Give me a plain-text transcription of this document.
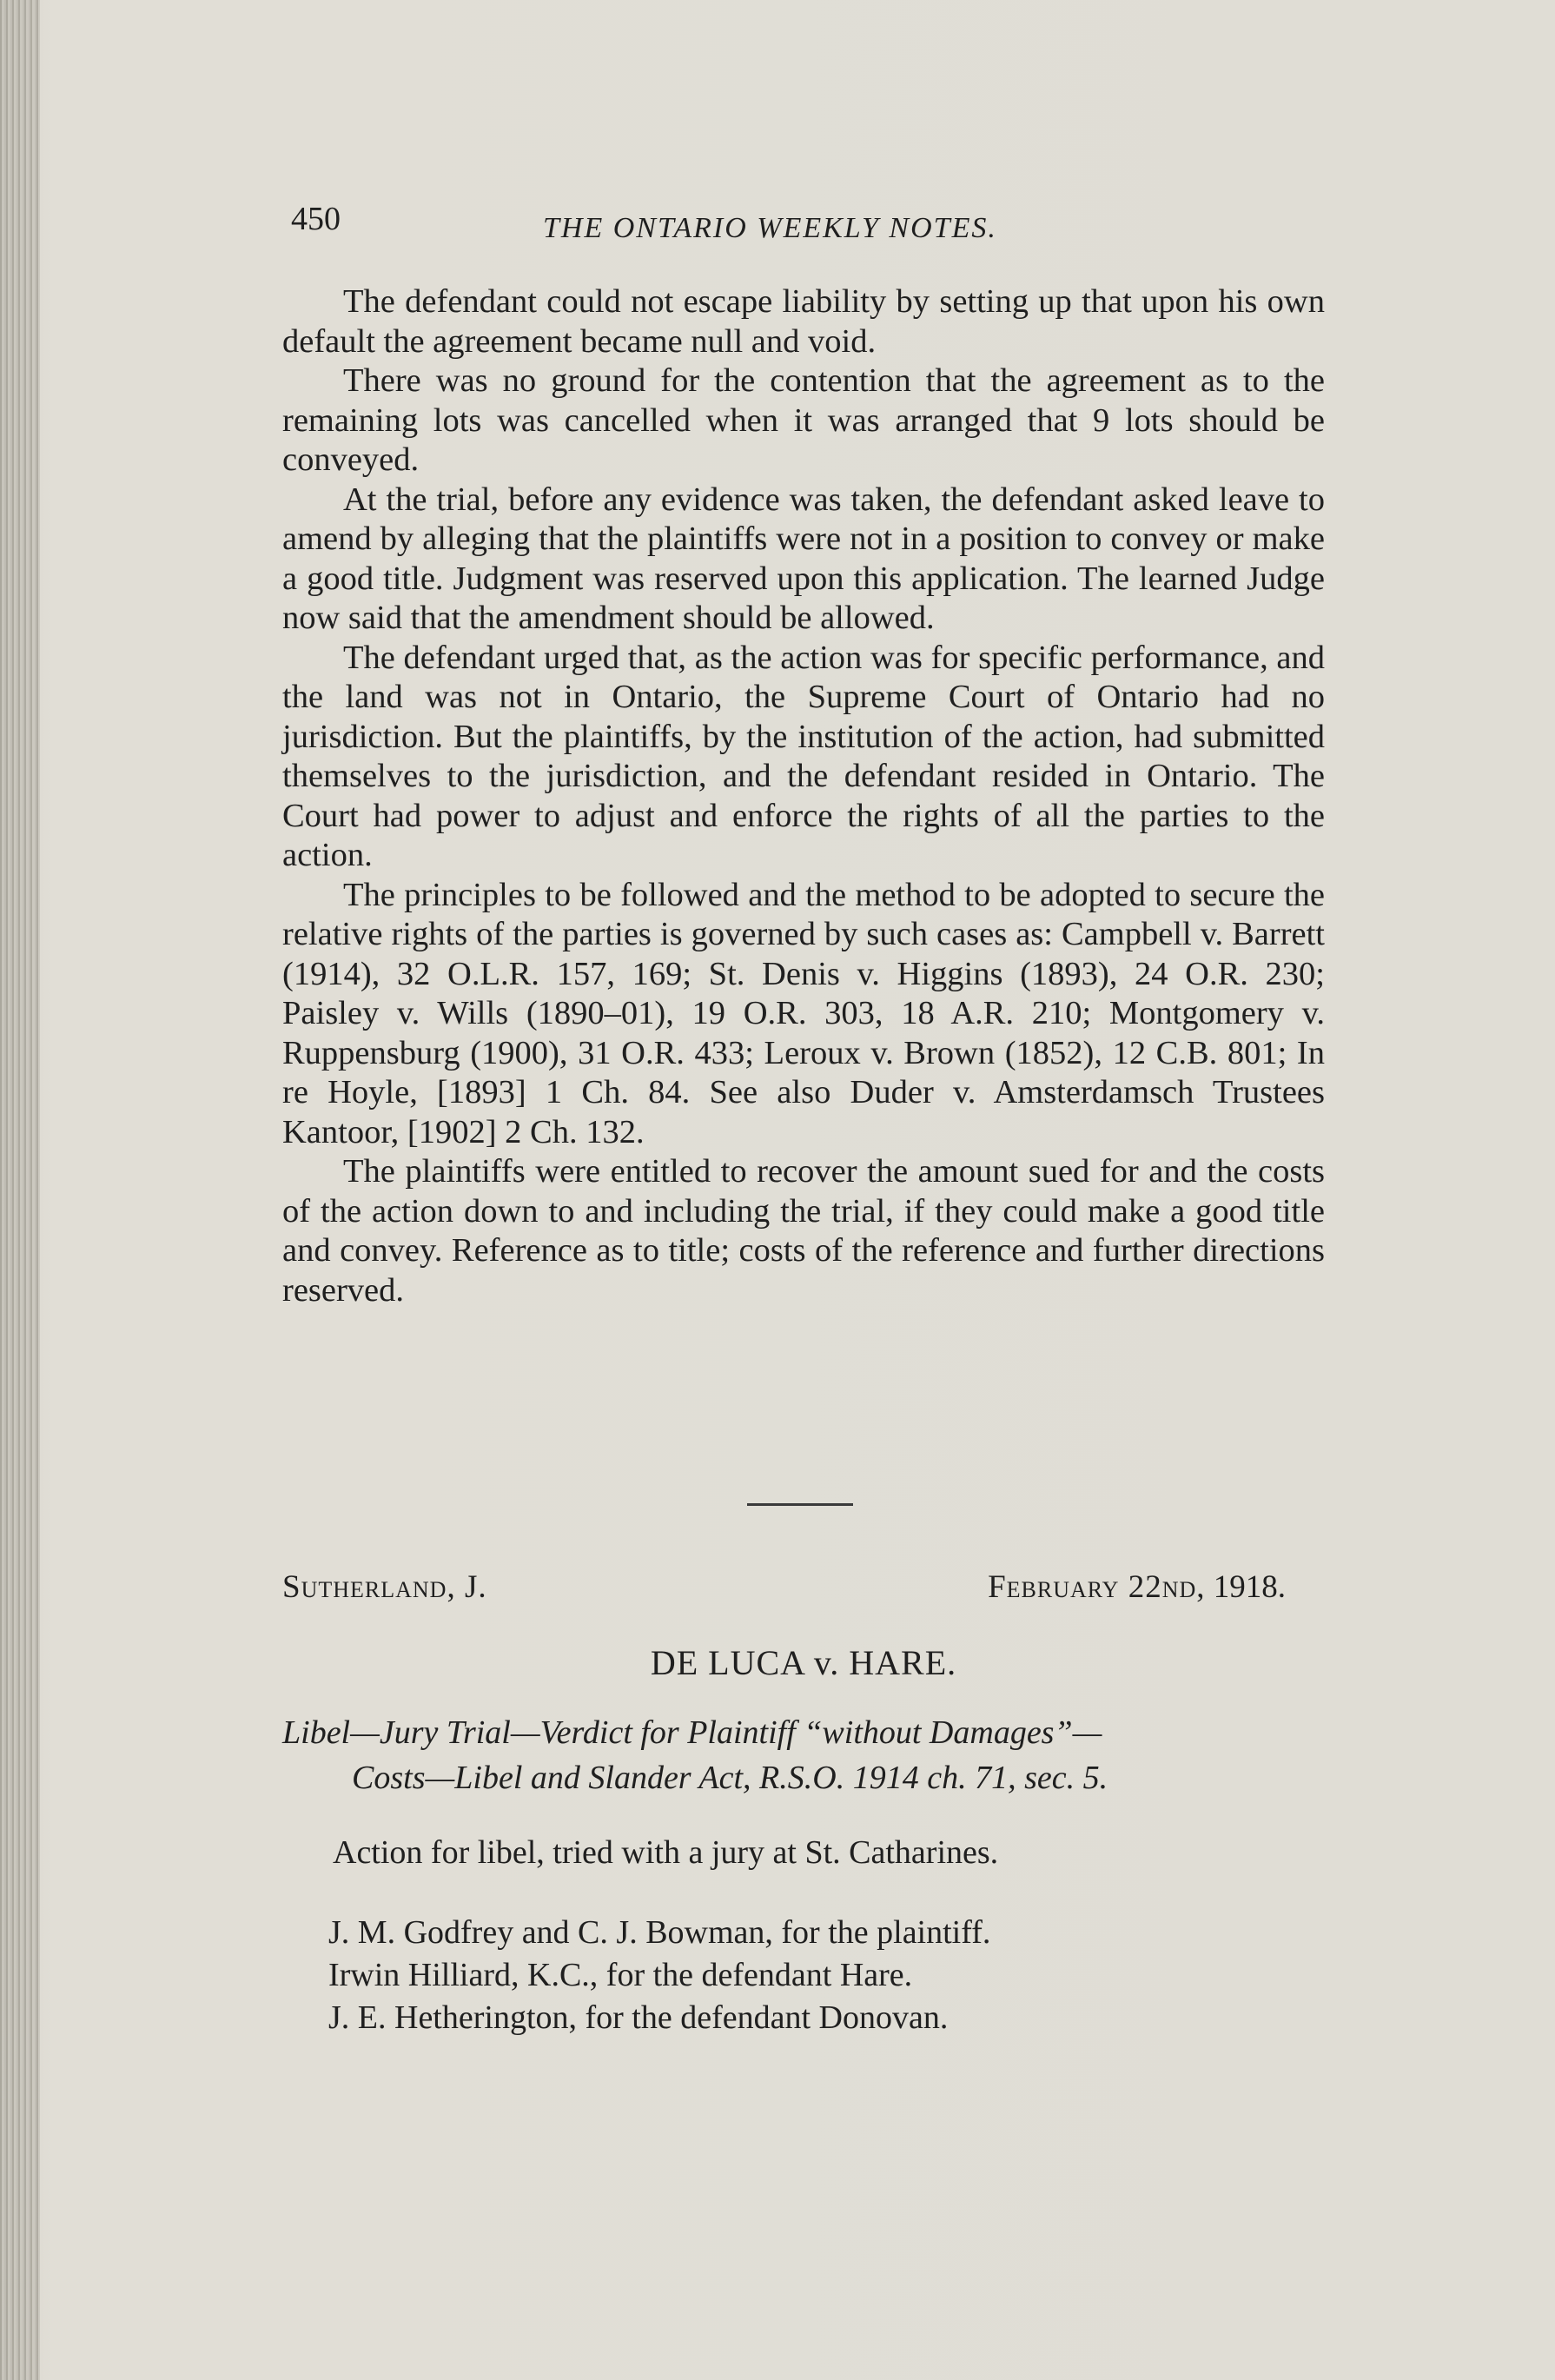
450	THE ONTARIO WEEKLY NOTES.

The defendant could not escape liability by setting up that upon his own default the agreement became null and void.

There was no ground for the contention that the agreement as to the remaining lots was cancelled when it was arranged that 9 lots should be conveyed.

At the trial, before any evidence was taken, the defendant asked leave to amend by alleging that the plaintiffs were not in a position to convey or make a good title. Judgment was reserved upon this application. The learned Judge now said that the amendment should be allowed.

The defendant urged that, as the action was for specific performance, and the land was not in Ontario, the Supreme Court of Ontario had no jurisdiction. But the plaintiffs, by the institution of the action, had submitted themselves to the jurisdiction, and the defendant resided in Ontario. The Court had power to adjust and enforce the rights of all the parties to the action.

The principles to be followed and the method to be adopted to secure the relative rights of the parties is governed by such cases as: Campbell v. Barrett (1914), 32 O.L.R. 157, 169; St. Denis v. Higgins (1893), 24 O.R. 230; Paisley v. Wills (1890–01), 19 O.R. 303, 18 A.R. 210; Montgomery v. Ruppensburg (1900), 31 O.R. 433; Leroux v. Brown (1852), 12 C.B. 801; In re Hoyle, [1893] 1 Ch. 84. See also Duder v. Amsterdamsch Trustees Kantoor, [1902] 2 Ch. 132.

The plaintiffs were entitled to recover the amount sued for and the costs of the action down to and including the trial, if they could make a good title and convey. Reference as to title; costs of the reference and further directions reserved.

Sutherland, J.	February 22nd, 1918.
DE LUCA v. HARE.
Libel—Jury Trial—Verdict for Plaintiff “without Damages”—
Costs—Libel and Slander Act, R.S.O. 1914 ch. 71, sec. 5.
Action for libel, tried with a jury at St. Catharines.
J. M. Godfrey and C. J. Bowman, for the plaintiff.
Irwin Hilliard, K.C., for the defendant Hare.
J. E. Hetherington, for the defendant Donovan.
